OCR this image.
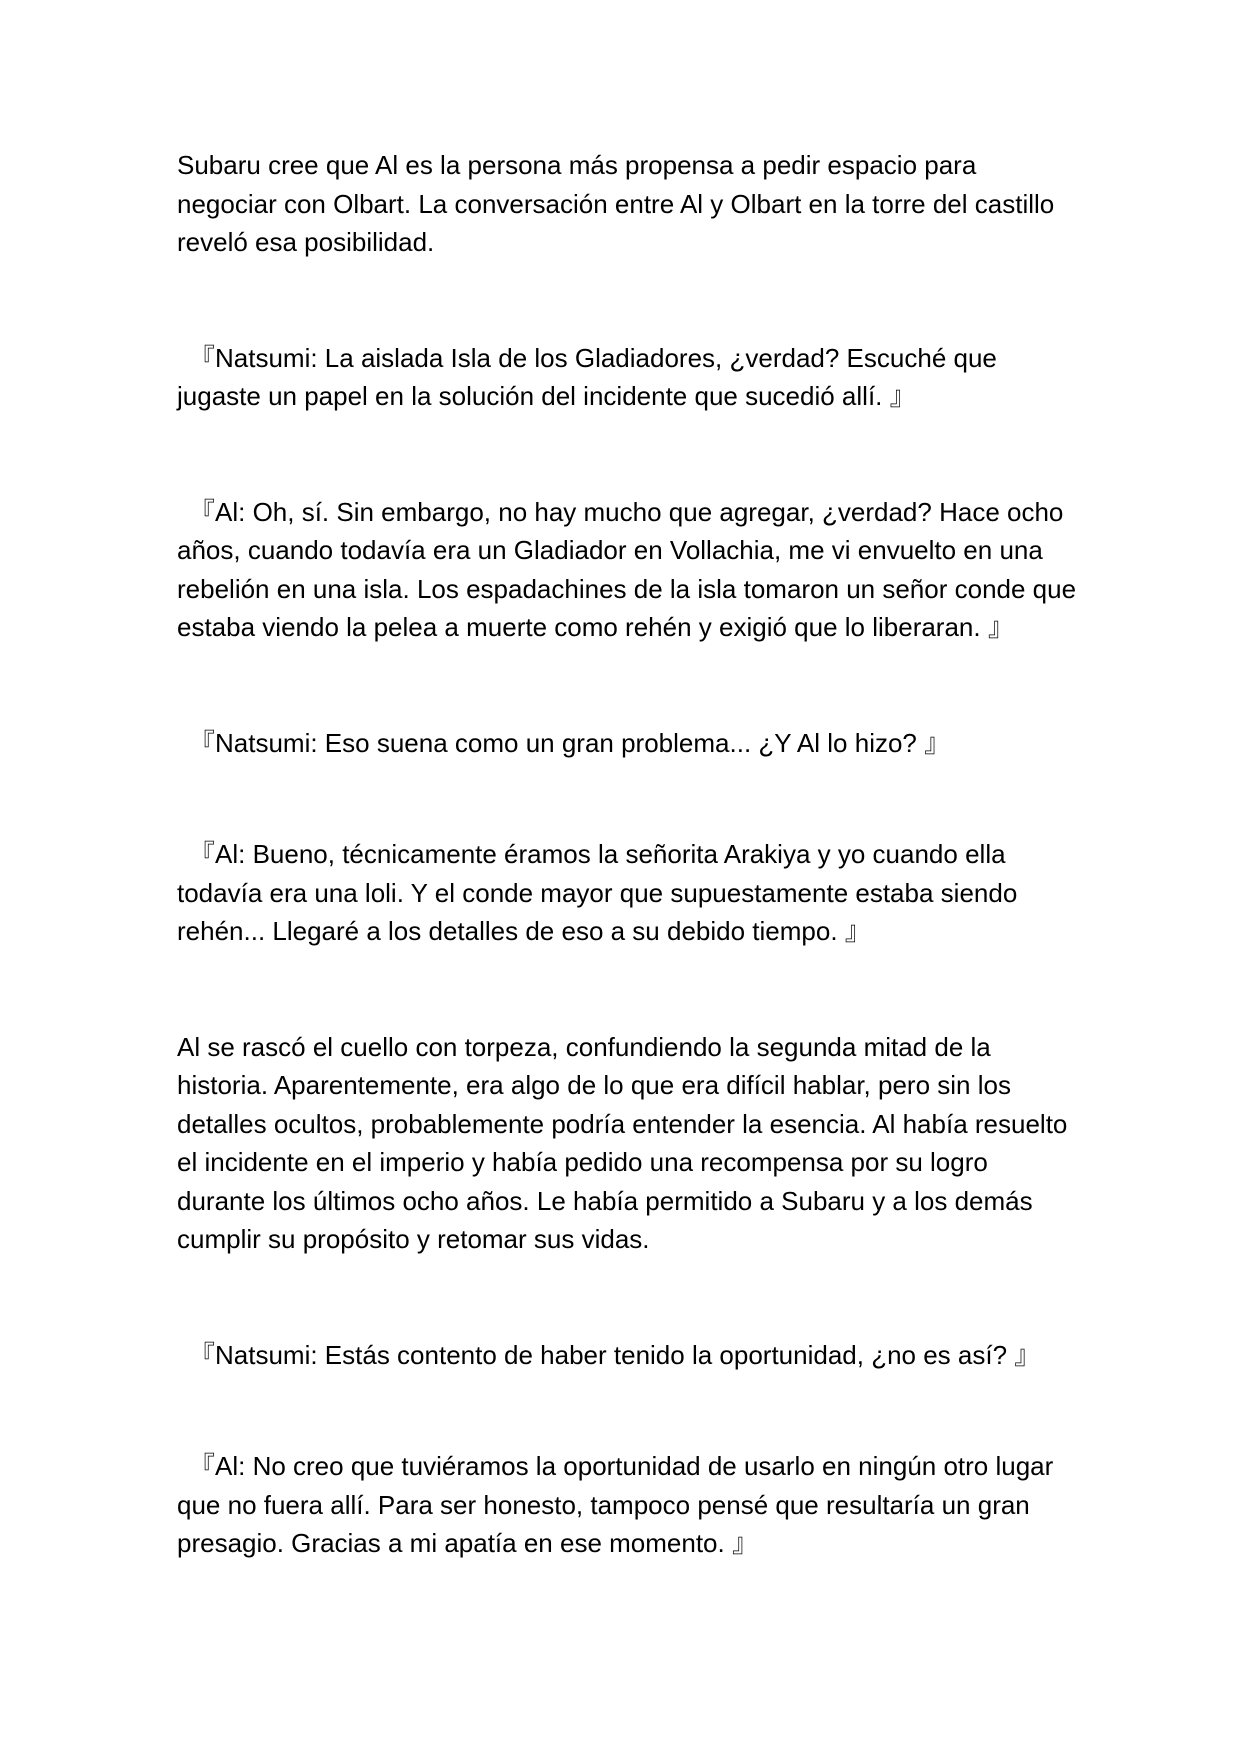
Subaru cree que Al es la persona más propensa a pedir espacio para negociar con Olbart. La conversación entre Al y Olbart en la torre del castillo reveló esa posibilidad.

『Natsumi: La aislada Isla de los Gladiadores, ¿verdad? Escuché que jugaste un papel en la solución del incidente que sucedió allí. 』

『Al: Oh, sí. Sin embargo, no hay mucho que agregar, ¿verdad? Hace ocho años, cuando todavía era un Gladiador en Vollachia, me vi envuelto en una rebelión en una isla. Los espadachines de la isla tomaron un señor conde que estaba viendo la pelea a muerte como rehén y exigió que lo liberaran. 』

『Natsumi: Eso suena como un gran problema... ¿Y Al lo hizo? 』

『Al: Bueno, técnicamente éramos la señorita Arakiya y yo cuando ella todavía era una loli. Y el conde mayor que supuestamente estaba siendo rehén... Llegaré a los detalles de eso a su debido tiempo. 』

Al se rascó el cuello con torpeza, confundiendo la segunda mitad de la historia. Aparentemente, era algo de lo que era difícil hablar, pero sin los detalles ocultos, probablemente podría entender la esencia. Al había resuelto el incidente en el imperio y había pedido una recompensa por su logro durante los últimos ocho años. Le había permitido a Subaru y a los demás cumplir su propósito y retomar sus vidas.

『Natsumi: Estás contento de haber tenido la oportunidad, ¿no es así? 』

『Al: No creo que tuviéramos la oportunidad de usarlo en ningún otro lugar que no fuera allí. Para ser honesto, tampoco pensé que resultaría un gran presagio. Gracias a mi apatía en ese momento. 』
